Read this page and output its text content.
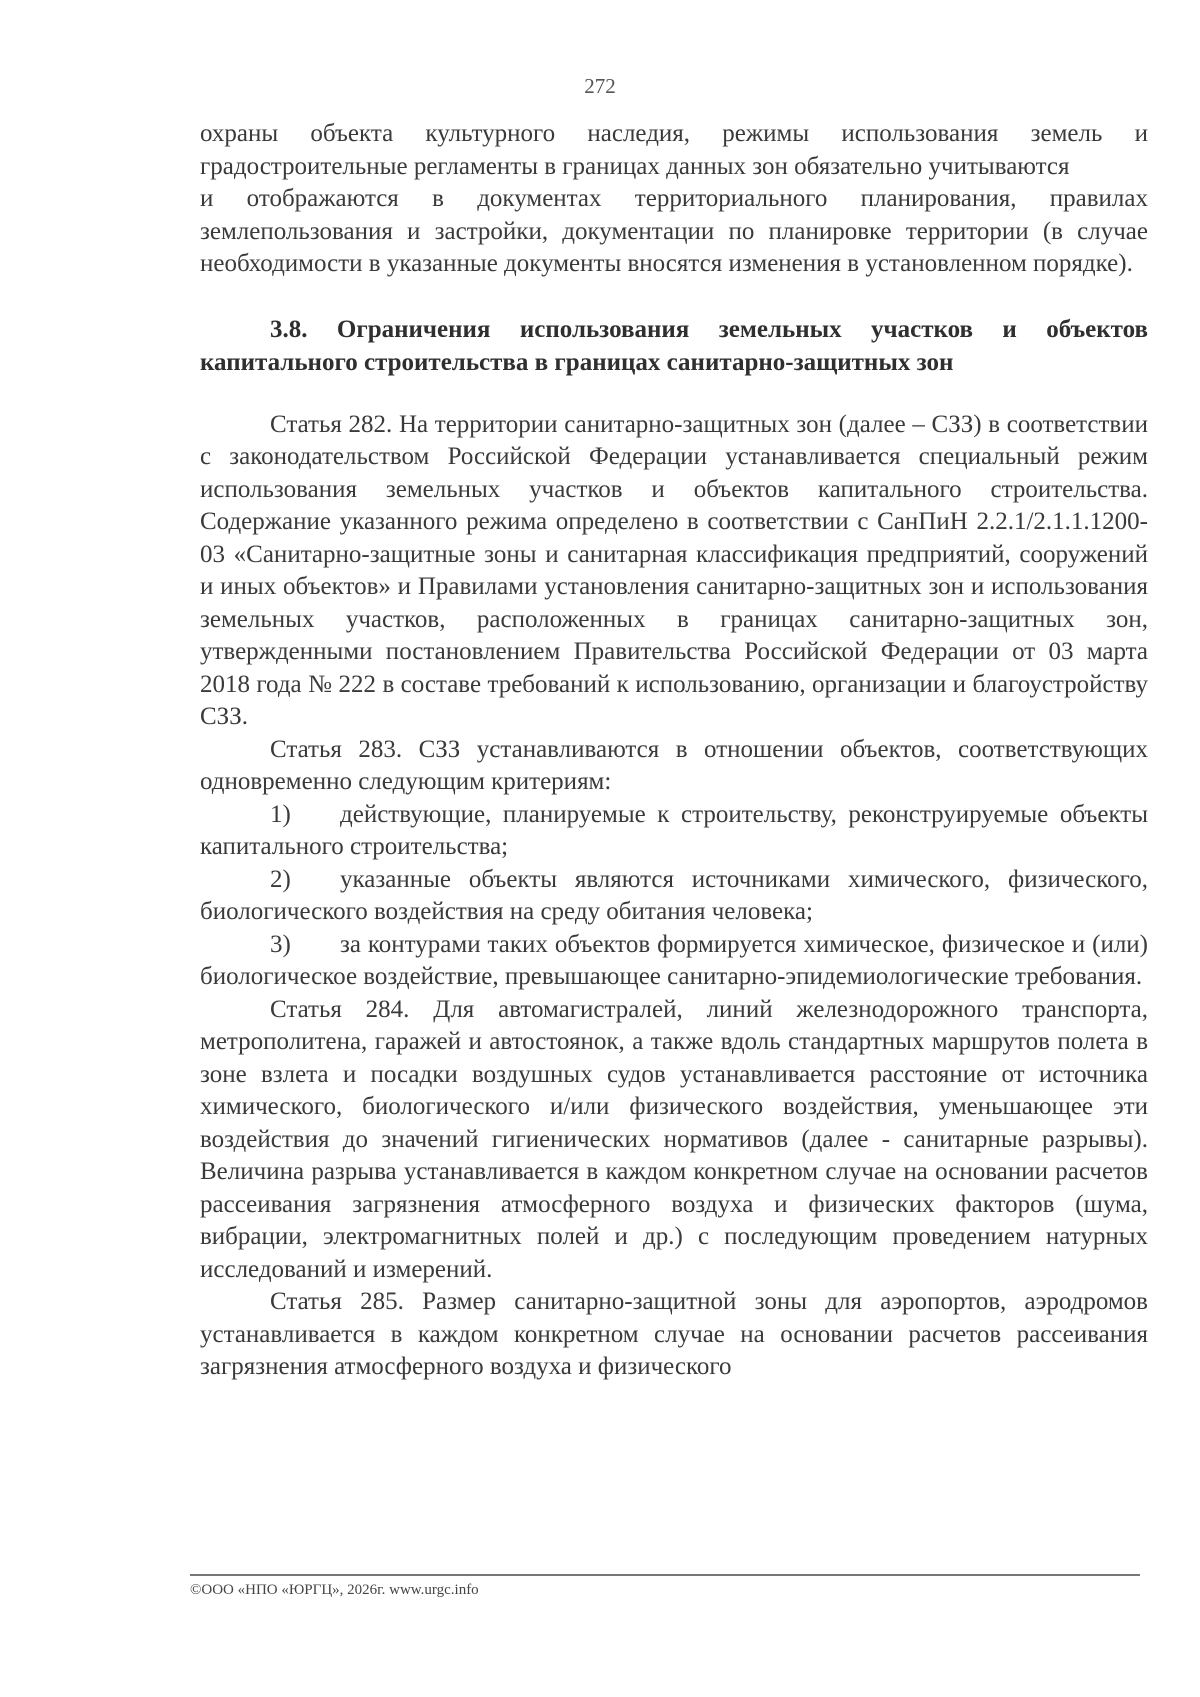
272

охраны объекта культурного наследия, режимы использования земель и градостроительные регламенты в границах данных зон обязательно учитываются

и отображаются в документах территориального планирования, правилах землепользования и застройки, документации по планировке территории (в случае необходимости в указанные документы вносятся изменения в установленном порядке).

3.8. Ограничения использования земельных участков и объектов капитального строительства в границах санитарно-защитных зон

Статья 282. На территории санитарно-защитных зон (далее – СЗЗ) в соответствии с законодательством Российской Федерации устанавливается специальный режим использования земельных участков и объектов капитального строительства. Содержание указанного режима определено в соответствии с СанПиН 2.2.1/2.1.1.1200-03 «Санитарно-защитные зоны и санитарная классификация предприятий, сооружений и иных объектов» и Правилами установления санитарно-защитных зон и использования земельных участков, расположенных в границах санитарно-защитных зон, утвержденными постановлением Правительства Российской Федерации от 03 марта 2018 года № 222 в составе требований к использованию, организации и благоустройству СЗЗ.

Статья 283. СЗЗ устанавливаются в отношении объектов, соответствующих одновременно следующим критериям:

1) действующие, планируемые к строительству, реконструируемые объекты капитального строительства;

2) указанные объекты являются источниками химического, физического, биологического воздействия на среду обитания человека;

3) за контурами таких объектов формируется химическое, физическое и (или) биологическое воздействие, превышающее санитарно-эпидемиологические требования.

Статья 284. Для автомагистралей, линий железнодорожного транспорта, метрополитена, гаражей и автостоянок, а также вдоль стандартных маршрутов полета в зоне взлета и посадки воздушных судов устанавливается расстояние от источника химического, биологического и/или физического воздействия, уменьшающее эти воздействия до значений гигиенических нормативов (далее - санитарные разрывы). Величина разрыва устанавливается в каждом конкретном случае на основании расчетов рассеивания загрязнения атмосферного воздуха и физических факторов (шума, вибрации, электромагнитных полей и др.) с последующим проведением натурных исследований и измерений.

Статья 285. Размер санитарно-защитной зоны для аэропортов, аэродромов устанавливается в каждом конкретном случае на основании расчетов рассеивания загрязнения атмосферного воздуха и физического

©ООО «НПО «ЮРГЦ», 2026г. www.urgc.info
